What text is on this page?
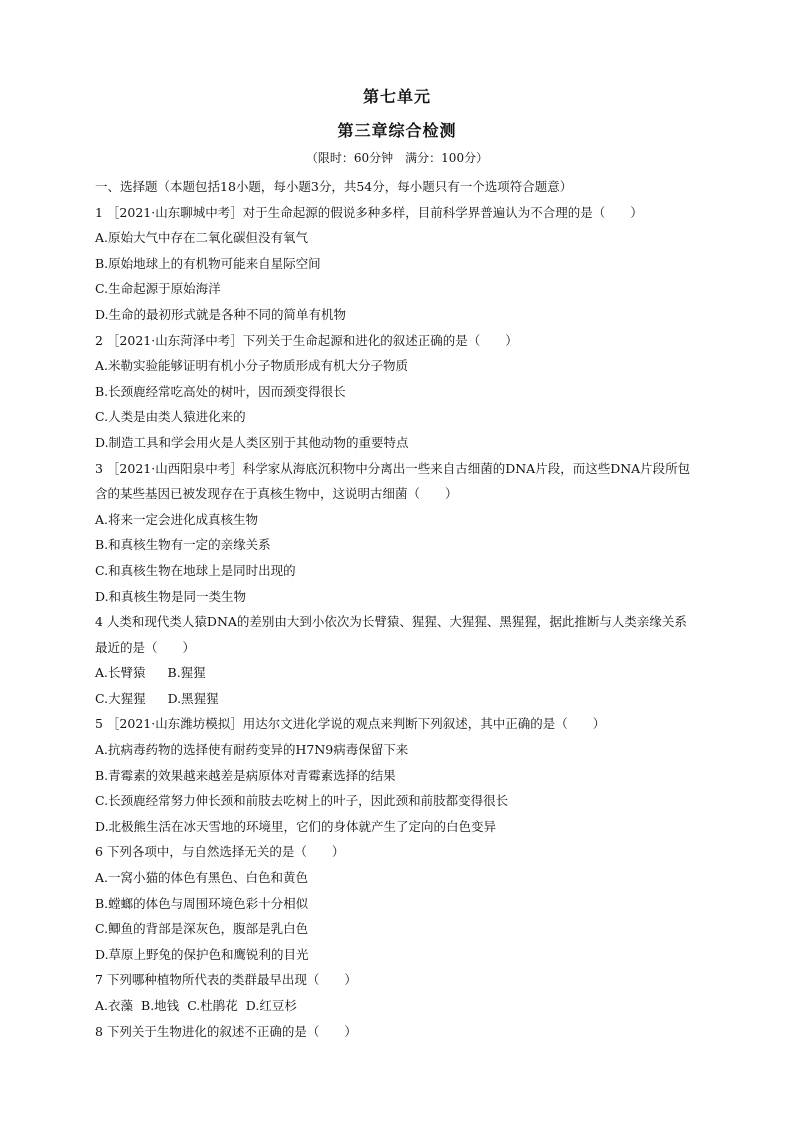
第七单元
第三章综合检测
（限时：60分钟　满分：100分）
一、选择题（本题包括18小题，每小题3分，共54分，每小题只有一个选项符合题意）
1 ［2021·山东聊城中考］对于生命起源的假说多种多样，目前科学界普遍认为不合理的是（　　）
A.原始大气中存在二氧化碳但没有氧气
B.原始地球上的有机物可能来自星际空间
C.生命起源于原始海洋
D.生命的最初形式就是各种不同的简单有机物
2 ［2021·山东菏泽中考］下列关于生命起源和进化的叙述正确的是（　　）
A.米勒实验能够证明有机小分子物质形成有机大分子物质
B.长颈鹿经常吃高处的树叶，因而颈变得很长
C.人类是由类人猿进化来的
D.制造工具和学会用火是人类区别于其他动物的重要特点
3 ［2021·山西阳泉中考］科学家从海底沉积物中分离出一些来自古细菌的DNA片段，而这些DNA片段所包
含的某些基因已被发现存在于真核生物中，这说明古细菌（　　）
A.将来一定会进化成真核生物
B.和真核生物有一定的亲缘关系
C.和真核生物在地球上是同时出现的
D.和真核生物是同一类生物
4 人类和现代类人猿DNA的差别由大到小依次为长臂猿、猩猩、大猩猩、黑猩猩，据此推断与人类亲缘关系
最近的是（　　）
A.长臂猿 B.猩猩
C.大猩猩 D.黑猩猩
5 ［2021·山东潍坊模拟］用达尔文进化学说的观点来判断下列叙述，其中正确的是（　　）
A.抗病毒药物的选择使有耐药变异的H7N9病毒保留下来
B.青霉素的效果越来越差是病原体对青霉素选择的结果
C.长颈鹿经常努力伸长颈和前肢去吃树上的叶子，因此颈和前肢都变得很长
D.北极熊生活在冰天雪地的环境里，它们的身体就产生了定向的白色变异
6 下列各项中，与自然选择无关的是（　　）
A.一窝小猫的体色有黑色、白色和黄色
B.螳螂的体色与周围环境色彩十分相似
C.鲫鱼的背部是深灰色，腹部是乳白色
D.草原上野兔的保护色和鹰锐利的目光
7 下列哪种植物所代表的类群最早出现（　　）
A.衣藻 B.地钱 C.杜鹃花 D.红豆杉
8 下列关于生物进化的叙述不正确的是（　　）
